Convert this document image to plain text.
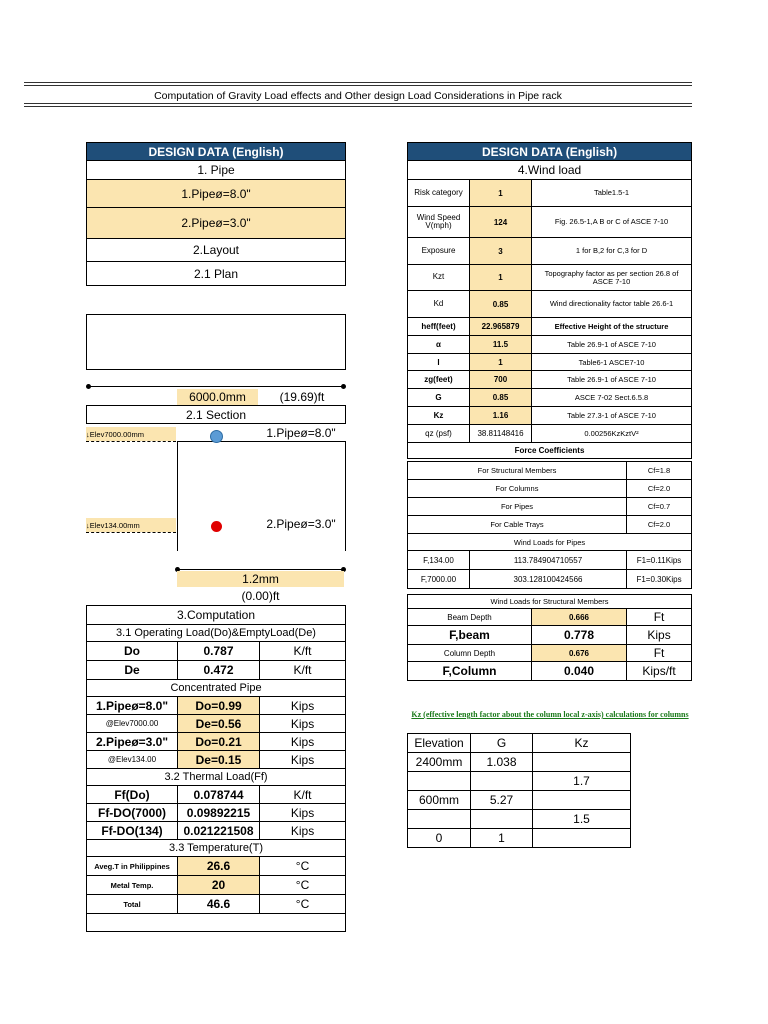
Computation of Gravity Load effects and Other design Load Considerations in Pipe rack
DESIGN DATA (English)
1. Pipe
1.Pipeø=8.0"
2.Pipeø=3.0"
2.Layout
2.1 Plan
6000.0mm	(19.69)ft
2.1 Section
↓Elev7000.00mm	1.Pipeø=8.0"
↓Elev134.00mm	2.Pipeø=3.0"
1.2mm
(0.00)ft
3.Computation		
3.1 Operating Load(Do)&EmptyLoad(De)		
Do	0.787	K/ft
De	0.472	K/ft
Concentrated Pipe		
1.Pipeø=8.0"	Do=0.99	Kips
@Elev7000.00	De=0.56	Kips
2.Pipeø=3.0"	Do=0.21	Kips
@Elev134.00	De=0.15	Kips
3.2 Thermal Load(Ff)		
Ff(Do)	0.078744	K/ft
Ff-DO(7000)	0.09892215	Kips
Ff-DO(134)	0.021221508	Kips
3.3 Temperature(T)		
Aveg.T in Philippines	26.6	°C
Metal Temp.	20	°C
Total	46.6	°C

DESIGN DATA (English)			
4.Wind load			
Risk category	1	Table1.5-1	
Wind Speed V(mph)	124	Fig. 26.5-1,A B or C of ASCE 7-10	
Exposure	3	1 for B,2 for C,3 for D	
Kzt	1	Topography factor as per section 26.8 of ASCE 7-10	
Kd	0.85	Wind directionality factor table 26.6-1	
heff(feet)	22.965879	Effective Height of the structure	
α	11.5	Table 26.9-1 of ASCE 7-10	
I	1	Table6-1 ASCE7-10	
zg(feet)	700	Table 26.9-1 of ASCE 7-10	
G	0.85	ASCE 7-02 Sect.6.5.8	
Kz	1.16	Table 27.3-1 of ASCE 7-10	
qz (psf)	38.81148416	0.00256KzKztV²	
Force Coefficients			

For Structural Members			Cf=1.8
For Columns			Cf=2.0
For Pipes			Cf=0.7
For Cable Trays			Cf=2.0
Wind Loads for Pipes			
F,134.00	113.784904710557		F1=0.11Kips
F,7000.00	303.128100424566		F1=0.30Kips

Wind Loads for Structural Members			
Beam Depth		0.666	Ft
F,beam		0.778	Kips
Column Depth		0.676	Ft
F,Column		0.040	Kips/ft
Kz (effective length factor about the column local z-axis) calculations for columns
Elevation	G	Kz
2400mm	1.038	
		1.7
600mm	5.27	
		1.5
0	1	
